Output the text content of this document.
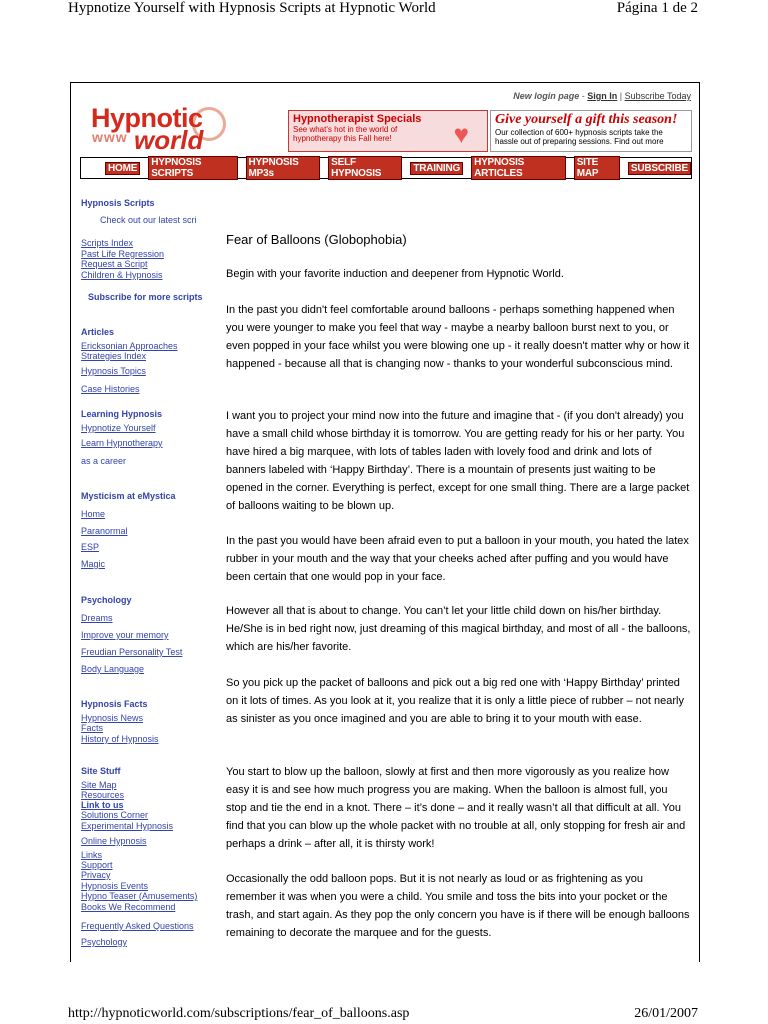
Hypnotize Yourself with Hypnosis Scripts at Hypnotic World	Página 1 de 2
New login page - Sign In | Subscribe Today
Hypnotic
www world
Hypnotherapist Specials
See what's hot in the world of hypnotherapy this Fall here!	♥ Give yourself a gift this season!
Our collection of 600+ hypnosis scripts take the hassle out of preparing sessions. Find out more
HOME	HYPNOSIS SCRIPTS
HYPNOSIS MP3s
SELF HYPNOSIS	TRAINING	HYPNOSIS ARTICLES
SITE MAP	SUBSCRIBE
Hypnosis Scripts
Check out our latest scri
Scripts Index
Past Life Regression
Request a Script
Children & Hypnosis
Subscribe for more scripts
Articles
Ericksonian Approaches
Strategies Index
Hypnosis Topics
Case Histories
Learning Hypnosis
Hypnotize Yourself
Learn Hypnotherapy
as a career
Mysticism at eMystica
Home
Paranormal
ESP
Magic
Psychology
Dreams
Improve your memory
Freudian Personality Test
Body Language
Hypnosis Facts
Hypnosis News
Facts
History of Hypnosis
Site Stuff
Site Map
Resources
Link to us
Solutions Corner
Experimental Hypnosis
Online Hypnosis
Links
Support
Privacy
Hypnosis Events
Hypno Teaser (Amusements)
Books We Recommend
Frequently Asked Questions
Psychology
Fear of Balloons (Globophobia)

Begin with your favorite induction and deepener from Hypnotic World.

In the past you didn't feel comfortable around balloons - perhaps something happened when you were younger to make you feel that way - maybe a nearby balloon burst next to you, or even popped in your face whilst you were blowing one up - it really doesn't matter why or how it happened - because all that is changing now - thanks to your wonderful subconscious mind.

I want you to project your mind now into the future and imagine that - (if you don't already) you have a small child whose birthday it is tomorrow. You are getting ready for his or her party. You have hired a big marquee, with lots of tables laden with lovely food and drink and lots of banners labeled with ‘Happy Birthday’. There is a mountain of presents just waiting to be opened in the corner. Everything is perfect, except for one small thing. There are a large packet of balloons waiting to be blown up.

In the past you would have been afraid even to put a balloon in your mouth, you hated the latex rubber in your mouth and the way that your cheeks ached after puffing and you would have been certain that one would pop in your face.

However all that is about to change. You can’t let your little child down on his/her birthday. He/She is in bed right now, just dreaming of this magical birthday, and most of all - the balloons, which are his/her favorite.

So you pick up the packet of balloons and pick out a big red one with ‘Happy Birthday’ printed on it lots of times. As you look at it, you realize that it is only a little piece of rubber – not nearly as sinister as you once imagined and you are able to bring it to your mouth with ease.

You start to blow up the balloon, slowly at first and then more vigorously as you realize how easy it is and see how much progress you are making. When the balloon is almost full, you stop and tie the end in a knot. There – it’s done – and it really wasn’t all that difficult at all. You find that you can blow up the whole packet with no trouble at all, only stopping for fresh air and perhaps a drink – after all, it is thirsty work!

Occasionally the odd balloon pops. But it is not nearly as loud or as frightening as you remember it was when you were a child. You smile and toss the bits into your pocket or the trash, and start again. As they pop the only concern you have is if there will be enough balloons remaining to decorate the marquee and for the guests.

http://hypnoticworld.com/subscriptions/fear_of_balloons.asp	26/01/2007
